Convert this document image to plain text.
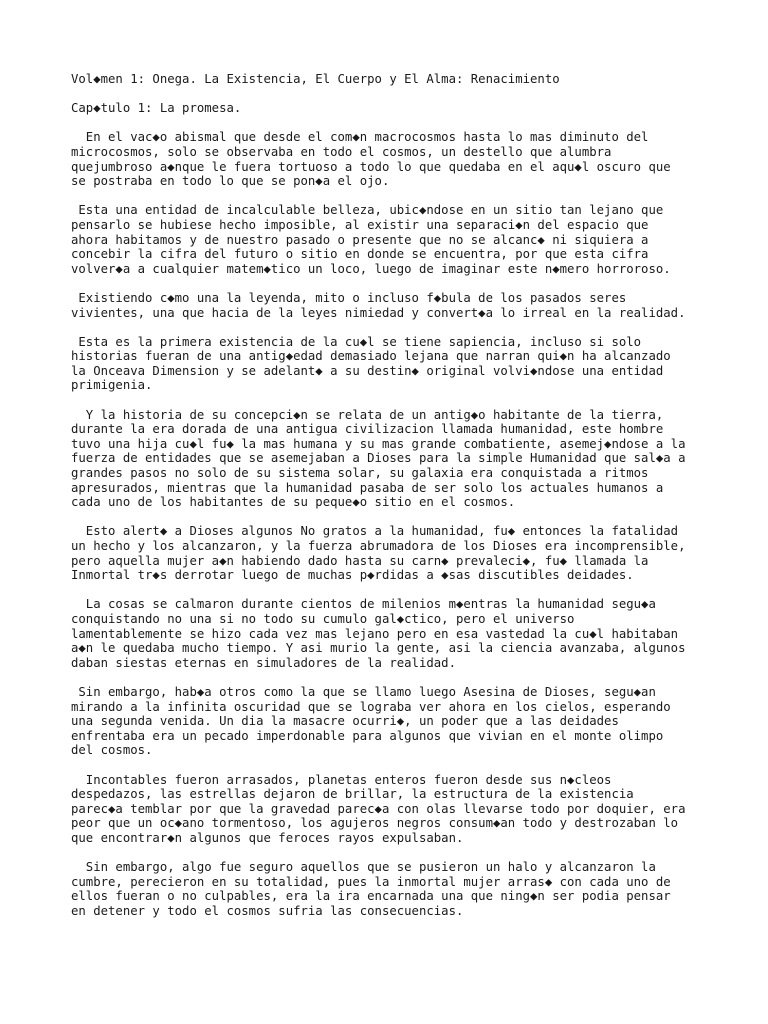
Vol◆men 1: Onega. La Existencia, El Cuerpo y El Alma: Renacimiento

Cap◆tulo 1: La promesa.

En el vac◆o abismal que desde el com◆n macrocosmos hasta lo mas diminuto del
microcosmos, solo se observaba en todo el cosmos, un destello que alumbra
quejumbroso a◆nque le fuera tortuoso a todo lo que quedaba en el aqu◆l oscuro que
se postraba en todo lo que se pon◆a el ojo.

Esta una entidad de incalculable belleza, ubic◆ndose en un sitio tan lejano que
pensarlo se hubiese hecho imposible, al existir una separaci◆n del espacio que
ahora habitamos y de nuestro pasado o presente que no se alcanc◆ ni siquiera a
concebir la cifra del futuro o sitio en donde se encuentra, por que esta cifra
volver◆a a cualquier matem◆tico un loco, luego de imaginar este n◆mero horroroso.

Existiendo c◆mo una la leyenda, mito o incluso f◆bula de los pasados seres
vivientes, una que hacia de la leyes nimiedad y convert◆a lo irreal en la realidad.

Esta es la primera existencia de la cu◆l se tiene sapiencia, incluso si solo
historias fueran de una antig◆edad demasiado lejana que narran qui◆n ha alcanzado
la Onceava Dimension y se adelant◆ a su destin◆ original volvi◆ndose una entidad
primigenia.

Y la historia de su concepci◆n se relata de un antig◆o habitante de la tierra,
durante la era dorada de una antigua civilizacion llamada humanidad, este hombre
tuvo una hija cu◆l fu◆ la mas humana y su mas grande combatiente, asemej◆ndose a la
fuerza de entidades que se asemejaban a Dioses para la simple Humanidad que sal◆a a
grandes pasos no solo de su sistema solar, su galaxia era conquistada a ritmos
apresurados, mientras que la humanidad pasaba de ser solo los actuales humanos a
cada uno de los habitantes de su peque◆o sitio en el cosmos.

Esto alert◆ a Dioses algunos No gratos a la humanidad, fu◆ entonces la fatalidad
un hecho y los alcanzaron, y la fuerza abrumadora de los Dioses era incomprensible,
pero aquella mujer a◆n habiendo dado hasta su carn◆ prevaleci◆, fu◆ llamada la
Inmortal tr◆s derrotar luego de muchas p◆rdidas a ◆sas discutibles deidades.

La cosas se calmaron durante cientos de milenios m◆entras la humanidad segu◆a
conquistando no una si no todo su cumulo gal◆ctico, pero el universo
lamentablemente se hizo cada vez mas lejano pero en esa vastedad la cu◆l habitaban
a◆n le quedaba mucho tiempo. Y asi murio la gente, asi la ciencia avanzaba, algunos
daban siestas eternas en simuladores de la realidad.

Sin embargo, hab◆a otros como la que se llamo luego Asesina de Dioses, segu◆an
mirando a la infinita oscuridad que se lograba ver ahora en los cielos, esperando
una segunda venida. Un dia la masacre ocurri◆, un poder que a las deidades
enfrentaba era un pecado imperdonable para algunos que vivian en el monte olimpo
del cosmos.

Incontables fueron arrasados, planetas enteros fueron desde sus n◆cleos
despedazos, las estrellas dejaron de brillar, la estructura de la existencia
parec◆a temblar por que la gravedad parec◆a con olas llevarse todo por doquier, era
peor que un oc◆ano tormentoso, los agujeros negros consum◆an todo y destrozaban lo
que encontrar◆n algunos que feroces rayos expulsaban.

Sin embargo, algo fue seguro aquellos que se pusieron un halo y alcanzaron la
cumbre, perecieron en su totalidad, pues la inmortal mujer arras◆ con cada uno de
ellos fueran o no culpables, era la ira encarnada una que ning◆n ser podia pensar
en detener y todo el cosmos sufria las consecuencias.
